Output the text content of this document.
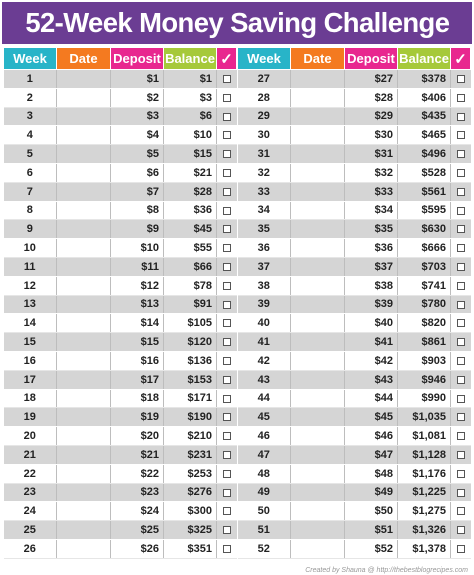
52-Week Money Saving Challenge
Week	Date	Deposit	Balance	✓
1		$1	$1	
2		$2	$3	
3		$3	$6	
4		$4	$10	
5		$5	$15	
6		$6	$21	
7		$7	$28	
8		$8	$36	
9		$9	$45	
10		$10	$55	
11		$11	$66	
12		$12	$78	
13		$13	$91	
14		$14	$105	
15		$15	$120	
16		$16	$136	
17		$17	$153	
18		$18	$171	
19		$19	$190	
20		$20	$210	
21		$21	$231	
22		$22	$253	
23		$23	$276	
24		$24	$300	
25		$25	$325	
26		$26	$351	
Week	Date	Deposit	Balance	✓
27		$27	$378	
28		$28	$406	
29		$29	$435	
30		$30	$465	
31		$31	$496	
32		$32	$528	
33		$33	$561	
34		$34	$595	
35		$35	$630	
36		$36	$666	
37		$37	$703	
38		$38	$741	
39		$39	$780	
40		$40	$820	
41		$41	$861	
42		$42	$903	
43		$43	$946	
44		$44	$990	
45		$45	$1,035	
46		$46	$1,081	
47		$47	$1,128	
48		$48	$1,176	
49		$49	$1,225	
50		$50	$1,275	
51		$51	$1,326	
52		$52	$1,378	
Created by Shauna @ http://thebestblogrecipes.com
